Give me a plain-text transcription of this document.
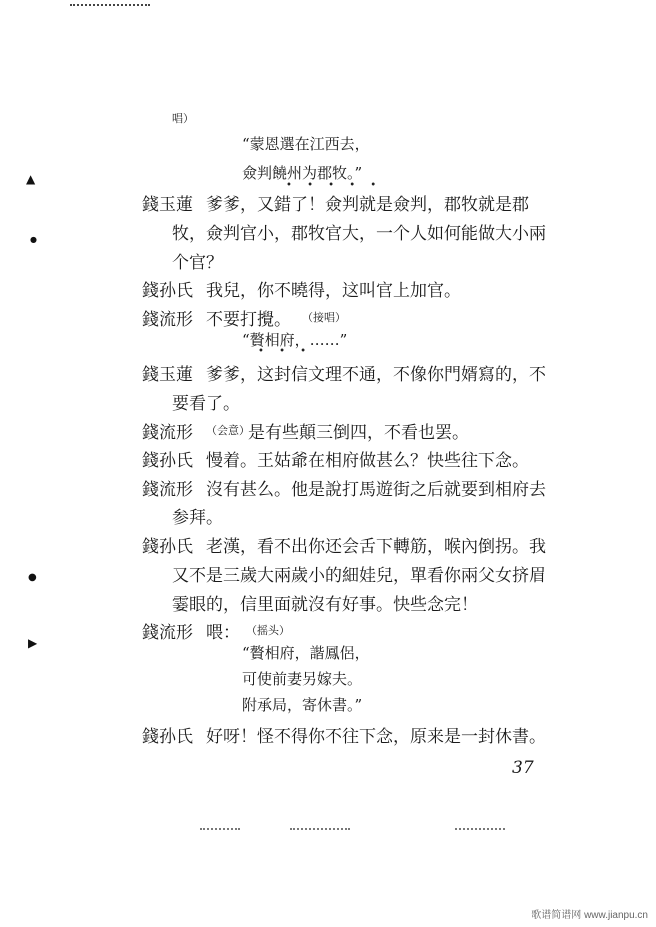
▲
●
●
▶
唱）
“蒙恩選在江西去，
僉判饒州为郡牧。”
• • • • •
錢玉蓮 爹爹，又錯了！僉判就是僉判，郡牧就是郡
牧，僉判官小，郡牧官大，一个人如何能做大小兩
个官？
錢孙氏 我兒，你不曉得，这叫官上加官。
錢流形 不要打攪。 （接唱）
“贅相府，……”
• • •
錢玉蓮 爹爹，这封信文理不通，不像你門婿寫的，不
要看了。
錢流形 （会意）
是有些顛三倒四，不看也罢。
錢孙氏 慢着。王姑爺在相府做甚么？快些往下念。
錢流形 沒有甚么。他是說打馬遊街之后就要到相府去
参拜。
錢孙氏 老漢，看不出你还会舌下轉筋，喉內倒拐。我
又不是三歲大兩歲小的細娃兒，單看你兩父女挤眉
霎眼的，信里面就沒有好事。快些念完！
錢流形 喂： （摇头）
“贅相府，諧鳳侶，
可使前妻另嫁夫。
附承局，寄休書。”
錢孙氏 好呀！怪不得你不往下念，原来是一封休書。
37
歌谱简谱网 www.jianpu.cn
